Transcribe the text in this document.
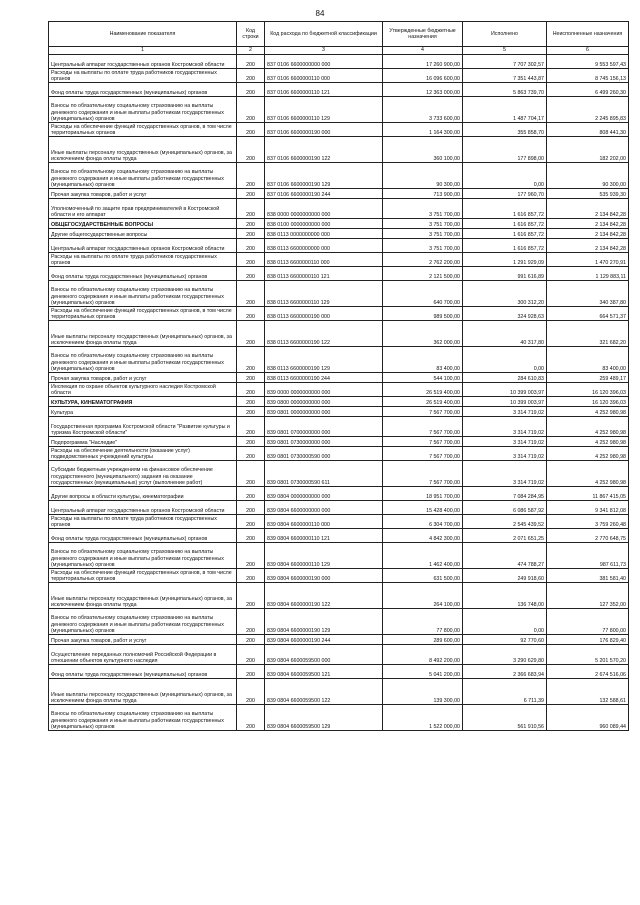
84
Наименование показателя	Код строки	Код расхода по бюджетной классификации	Утвержденные бюджетные назначения	Исполнено	Неисполненные назначения
1	2	3	4	5	6
Центральный аппарат государственных органов Костромской области	200	837 0106 6600000000 000	17 260 900,00	7 707 302,57	9 553 597,43
Расходы на выплаты по оплате труда работников государственных органов	200	837 0106 6600000110 000	16 096 600,00	7 351 443,87	8 745 156,13
Фонд оплаты труда государственных (муниципальных) органов	200	837 0106 6600000110 121	12 363 000,00	5 863 739,70	6 499 260,30
Взносы по обязательному социальному страхованию на выплаты денежного содержания и иные выплаты работникам государственных (муниципальных) органов	200	837 0106 6600000110 129	3 733 600,00	1 487 704,17	2 245 895,83
Расходы на обеспечение функций государственных органов, в том числе территориальных органов	200	837 0106 6600000190 000	1 164 300,00	355 858,70	808 441,30
Иные выплаты персоналу государственных (муниципальных) органов, за исключением фонда оплаты труда	200	837 0106 6600000190 122	360 100,00	177 898,00	182 202,00
Взносы по обязательному социальному страхованию на выплаты денежного содержания и иные выплаты работникам государственных (муниципальных) органов	200	837 0106 6600000190 129	90 300,00	0,00	90 300,00
Прочая закупка товаров, работ и услуг	200	837 0106 6600000190 244	713 900,00	177 960,70	535 939,30
Уполномоченный по защите прав предпринимателей в Костромской области и его аппарат	200	838 0000 0000000000 000	3 751 700,00	1 616 857,72	2 134 842,28
ОБЩЕГОСУДАРСТВЕННЫЕ ВОПРОСЫ	200	838 0100 0000000000 000	3 751 700,00	1 616 857,72	2 134 842,28
Другие общегосударственные вопросы	200	838 0113 0000000000 000	3 751 700,00	1 616 857,72	2 134 842,28
Центральный аппарат государственных органов Костромской области	200	838 0113 6600000000 000	3 751 700,00	1 616 857,72	2 134 842,28
Расходы на выплаты по оплате труда работников государственных органов	200	838 0113 6600000110 000	2 762 200,00	1 291 929,09	1 470 270,91
Фонд оплаты труда государственных (муниципальных) органов	200	838 0113 6600000110 121	2 121 500,00	991 616,89	1 129 883,11
Взносы по обязательному социальному страхованию на выплаты денежного содержания и иные выплаты работникам государственных (муниципальных) органов	200	838 0113 6600000110 129	640 700,00	300 312,20	340 387,80
Расходы на обеспечение функций государственных органов, в том числе территориальных органов	200	838 0113 6600000190 000	989 500,00	324 928,63	664 571,37
Иные выплаты персоналу государственных (муниципальных) органов, за исключением фонда оплаты труда	200	838 0113 6600000190 122	362 000,00	40 317,80	321 682,20
Взносы по обязательному социальному страхованию на выплаты денежного содержания и иные выплаты работникам государственных (муниципальных) органов	200	838 0113 6600000190 129	83 400,00	0,00	83 400,00
Прочая закупка товаров, работ и услуг	200	838 0113 6600000190 244	544 100,00	284 610,83	259 489,17
Инспекция по охране объектов культурного наследия Костромской области	200	839 0000 0000000000 000	26 519 400,00	10 399 003,97	16 120 396,03
КУЛЬТУРА, КИНЕМАТОГРАФИЯ	200	839 0800 0000000000 000	26 519 400,00	10 399 003,97	16 120 396,03
Культура	200	839 0801 0000000000 000	7 567 700,00	3 314 719,02	4 252 980,98
Государственная программа Костромской области "Развитие культуры и туризма Костромской области"	200	839 0801 0700000000 000	7 567 700,00	3 314 719,02	4 252 980,98
Подпрограмма "Наследие"	200	839 0801 0730000000 000	7 567 700,00	3 314 719,02	4 252 980,98
Расходы на обеспечение деятельности (оказание услуг) подведомственных учреждений культуры	200	839 0801 0730000590 000	7 567 700,00	3 314 719,02	4 252 980,98
Субсидии бюджетным учреждениям на финансовое обеспечение государственного (муниципального) задания на оказание государственных (муниципальных) услуг (выполнение работ)	200	839 0801 0730000590 611	7 567 700,00	3 314 719,02	4 252 980,98
Другие вопросы в области культуры, кинематографии	200	839 0804 0000000000 000	18 951 700,00	7 084 284,95	11 867 415,05
Центральный аппарат государственных органов Костромской области	200	839 0804 6600000000 000	15 428 400,00	6 086 587,92	9 341 812,08
Расходы на выплаты по оплате труда работников государственных органов	200	839 0804 6600000110 000	6 304 700,00	2 545 439,52	3 759 260,48
Фонд оплаты труда государственных (муниципальных) органов	200	839 0804 6600000110 121	4 842 300,00	2 071 651,25	2 770 648,75
Взносы по обязательному социальному страхованию на выплаты денежного содержания и иные выплаты работникам государственных (муниципальных) органов	200	839 0804 6600000110 129	1 462 400,00	474 788,27	987 611,73
Расходы на обеспечение функций государственных органов, в том числе территориальных органов	200	839 0804 6600000190 000	631 500,00	249 918,60	381 581,40
Иные выплаты персоналу государственных (муниципальных) органов, за исключением фонда оплаты труда	200	839 0804 6600000190 122	264 100,00	136 748,00	127 352,00
Взносы по обязательному социальному страхованию на выплаты денежного содержания и иные выплаты работникам государственных (муниципальных) органов	200	839 0804 6600000190 129	77 800,00	0,00	77 800,00
Прочая закупка товаров, работ и услуг	200	839 0804 6600000190 244	289 600,00	92 770,60	176 829,40
Осуществление переданных полномочий Российской Федерации в отношении объектов культурного наследия	200	839 0804 6600059500 000	8 492 200,00	3 290 629,80	5 201 570,20
Фонд оплаты труда государственных (муниципальных) органов	200	839 0804 6600059500 121	5 041 200,00	2 366 683,94	2 674 516,06
Иные выплаты персоналу государственных (муниципальных) органов, за исключением фонда оплаты труда	200	839 0804 6600059500 122	139 300,00	6 711,39	132 588,61
Взносы по обязательному социальному страхованию на выплаты денежного содержания и иные выплаты работникам государственных (муниципальных) органов	200	839 0804 6600059500 129	1 522 000,00	561 910,56	960 089,44
